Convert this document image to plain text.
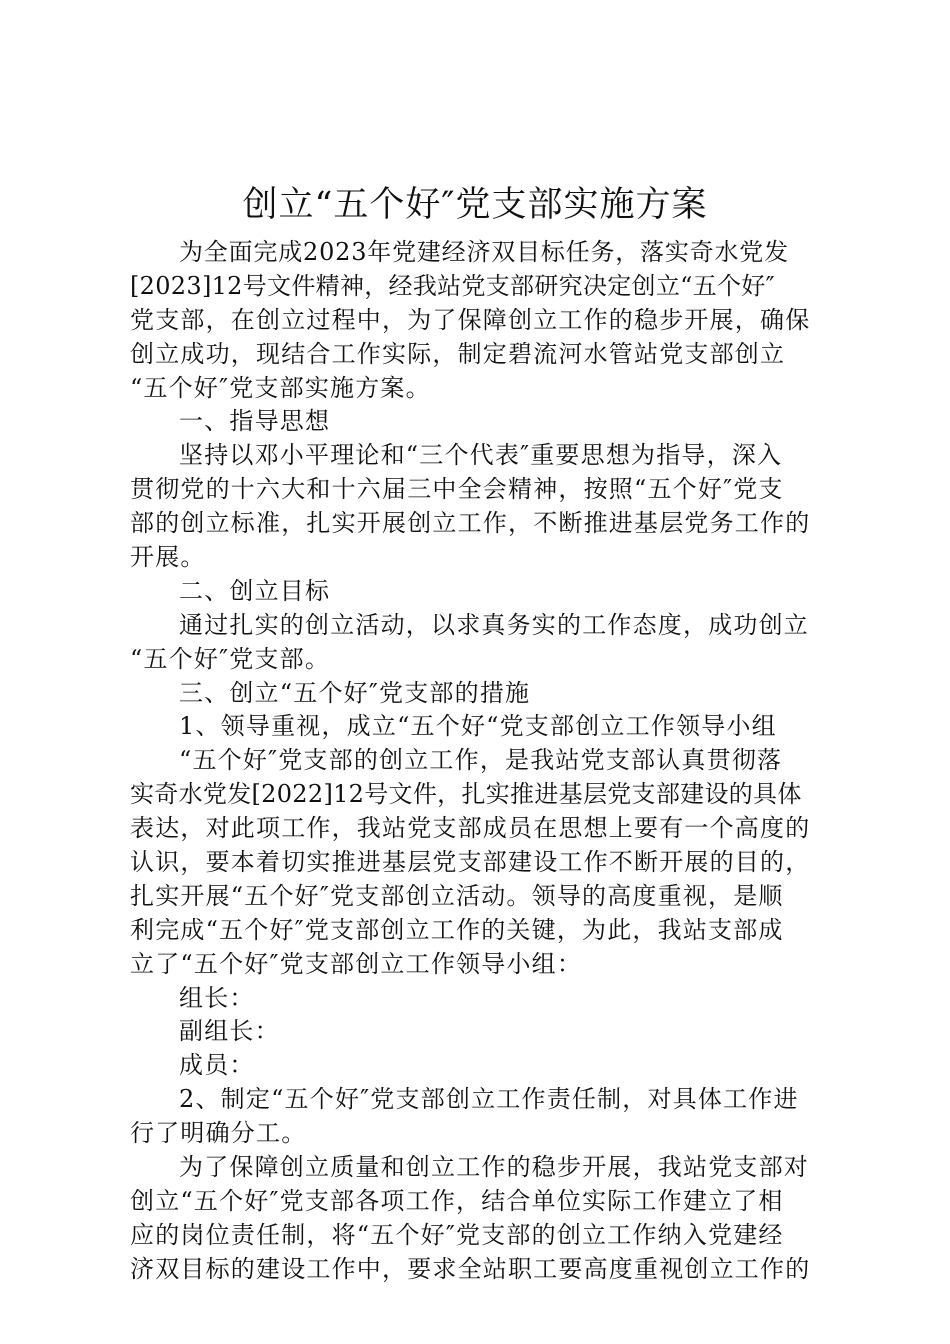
创立“五个好″党支部实施方案
为全面完成2023年党建经济双目标任务，落实奇水党发
[2023]12号文件精神，经我站党支部研究决定创立“五个好″
党支部，在创立过程中，为了保障创立工作的稳步开展，确保
创立成功，现结合工作实际，制定碧流河水管站党支部创立
“五个好″党支部实施方案。
一、指导思想
坚持以邓小平理论和“三个代表″重要思想为指导，深入
贯彻党的十六大和十六届三中全会精神，按照“五个好″党支
部的创立标准，扎实开展创立工作，不断推进基层党务工作的
开展。
二、创立目标
通过扎实的创立活动，以求真务实的工作态度，成功创立
“五个好″党支部。
三、创立“五个好″党支部的措施
1、领导重视，成立“五个好“党支部创立工作领导小组
“五个好″党支部的创立工作，是我站党支部认真贯彻落
实奇水党发[2022]12号文件，扎实推进基层党支部建设的具体
表达，对此项工作，我站党支部成员在思想上要有一个高度的
认识，要本着切实推进基层党支部建设工作不断开展的目的，
扎实开展“五个好″党支部创立活动。领导的高度重视，是顺
利完成“五个好″党支部创立工作的关键，为此，我站支部成
立了“五个好″党支部创立工作领导小组：
组长：
副组长：
成员：
2、制定“五个好″党支部创立工作责任制，对具体工作进
行了明确分工。
为了保障创立质量和创立工作的稳步开展，我站党支部对
创立“五个好″党支部各项工作，结合单位实际工作建立了相
应的岗位责任制，将“五个好″党支部的创立工作纳入党建经
济双目标的建设工作中，要求全站职工要高度重视创立工作的
